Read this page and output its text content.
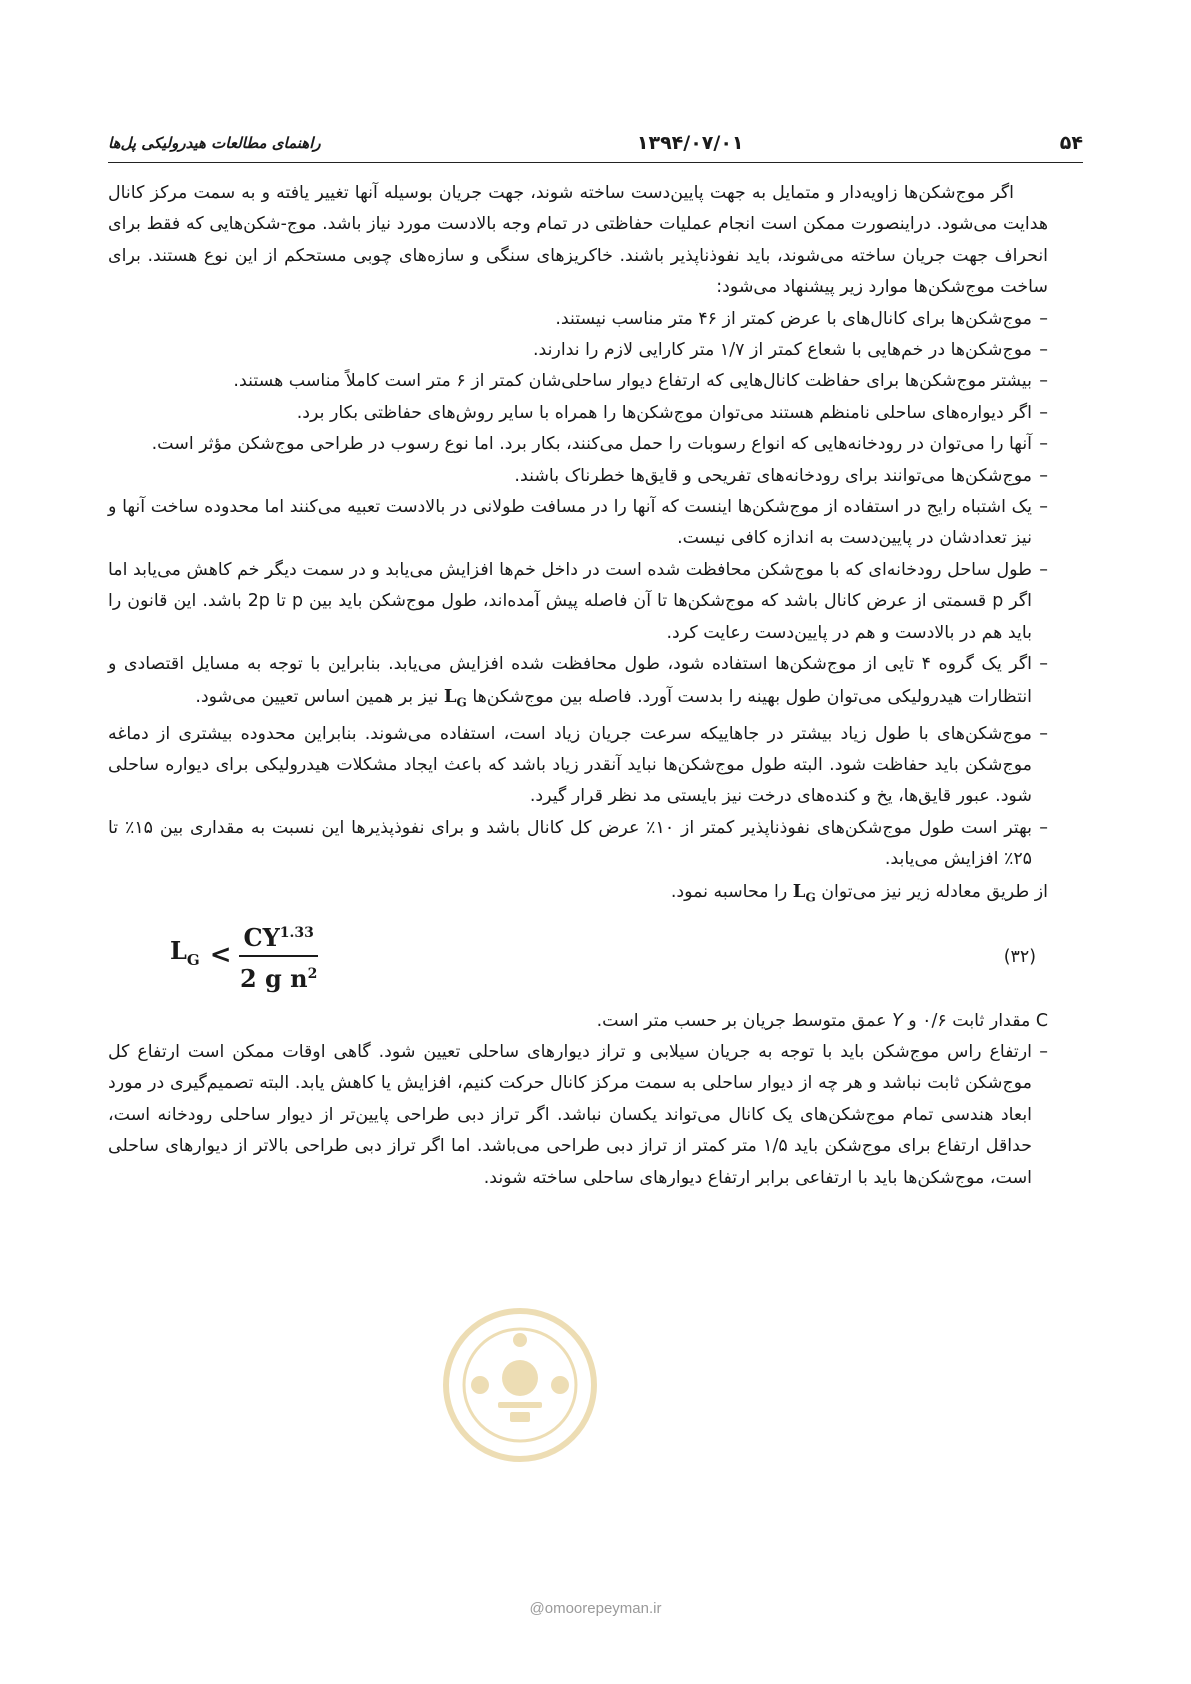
۵۴
۱۳۹۴/۰۷/۰۱
راهنمای مطالعات هیدرولیکی پل‌ها

اگر موج‌شکن‌ها زاویه‌دار و متمایل به جهت پایین‌دست ساخته شوند، جهت جریان بوسیله آنها تغییر یافته و به سمت مرکز کانال هدایت می‌شود. دراینصورت ممکن است انجام عملیات حفاظتی در تمام وجه بالادست مورد نیاز باشد. موج-شکن‌هایی که فقط برای انحراف جهت جریان ساخته می‌شوند، باید نفوذناپذیر باشند. خاکریزهای سنگی و سازه‌های چوبی مستحکم از این نوع هستند. برای ساخت موج‌شکن‌ها موارد زیر پیشنهاد می‌شود:

–
موج‌شکن‌ها برای کانال‌های با عرض کمتر از ۴۶ متر مناسب نیستند.

–
موج‌شکن‌ها در خم‌هایی با شعاع کمتر از ۱/۷ متر کارایی لازم را ندارند.

–
بیشتر موج‌شکن‌ها برای حفاظت کانال‌هایی که ارتفاع دیوار ساحلی‌شان کمتر از ۶ متر است کاملاً مناسب هستند.

–
اگر دیواره‌های ساحلی نامنظم هستند می‌توان موج‌شکن‌ها را همراه با سایر روش‌های حفاظتی بکار برد.

–
آنها را می‌توان در رودخانه‌هایی که انواع رسوبات را حمل می‌کنند، بکار برد. اما نوع رسوب در طراحی موج‌شکن مؤثر است.

–
موج‌شکن‌ها می‌توانند برای رودخانه‌های تفریحی و قایق‌ها خطرناک باشند.

–
یک اشتباه رایج در استفاده از موج‌شکن‌ها اینست که آنها را در مسافت طولانی در بالادست تعبیه می‌کنند اما محدوده ساخت آنها و نیز تعدادشان در پایین‌دست به اندازه کافی نیست.

–
طول ساحل رودخانه‌ای که با موج‌شکن محافظت شده است در داخل خم‌ها افزایش می‌یابد و در سمت دیگر خم کاهش می‌یابد اما اگر p قسمتی از عرض کانال باشد که موج‌شکن‌ها تا آن فاصله پیش آمده‌اند، طول موج‌شکن باید بین p تا 2p باشد. این قانون را باید هم در بالادست و هم در پایین‌دست رعایت کرد.

–
اگر یک گروه ۴ تایی از موج‌شکن‌ها استفاده شود، طول محافظت شده افزایش می‌یابد. بنابراین با توجه به مسایل اقتصادی و انتظارات هیدرولیکی می‌توان طول بهینه را بدست آورد. فاصله بین موج‌شکن‌ها $L_G$ نیز بر همین اساس تعیین می‌شود.

–
موج‌شکن‌های با طول زیاد بیشتر در جاهاییکه سرعت جریان زیاد است، استفاده می‌شوند. بنابراین محدوده بیشتری از دماغه موج‌شکن باید حفاظت شود. البته طول موج‌شکن‌ها نباید آنقدر زیاد باشد که باعث ایجاد مشکلات هیدرولیکی برای دیواره ساحلی شود. عبور قایق‌ها، یخ و کنده‌های درخت نیز بایستی مد نظر قرار گیرد.

–
بهتر است طول موج‌شکن‌های نفوذناپذیر کمتر از ۱۰٪ عرض کل کانال باشد و برای نفوذپذیرها این نسبت به مقداری بین ۱۵٪ تا ۲۵٪ افزایش می‌یابد.

از طریق معادله زیر نیز می‌توان $L_G$ را محاسبه نمود.

$L_G < \frac{CY^{1.33}}{2 g n^2}$	(۳۲)

C مقدار ثابت ۰/۶ و Y عمق متوسط جریان بر حسب متر است.

–
ارتفاع راس موج‌شکن باید با توجه به جریان سیلابی و تراز دیوارهای ساحلی تعیین شود. گاهی اوقات ممکن است ارتفاع کل موج‌شکن ثابت نباشد و هر چه از دیوار ساحلی به سمت مرکز کانال حرکت کنیم، افزایش یا کاهش یابد. البته تصمیم‌گیری در مورد ابعاد هندسی تمام موج‌شکن‌های یک کانال می‌تواند یکسان نباشد. اگر تراز دبی طراحی پایین‌تر از دیوار ساحلی رودخانه است، حداقل ارتفاع برای موج‌شکن باید ۱/۵ متر کمتر از تراز دبی طراحی می‌باشد. اما اگر تراز دبی طراحی بالاتر از دیوارهای ساحلی است، موج‌شکن‌ها باید با ارتفاعی برابر ارتفاع دیوارهای ساحلی ساخته شوند.

@omoorepeyman.ir
